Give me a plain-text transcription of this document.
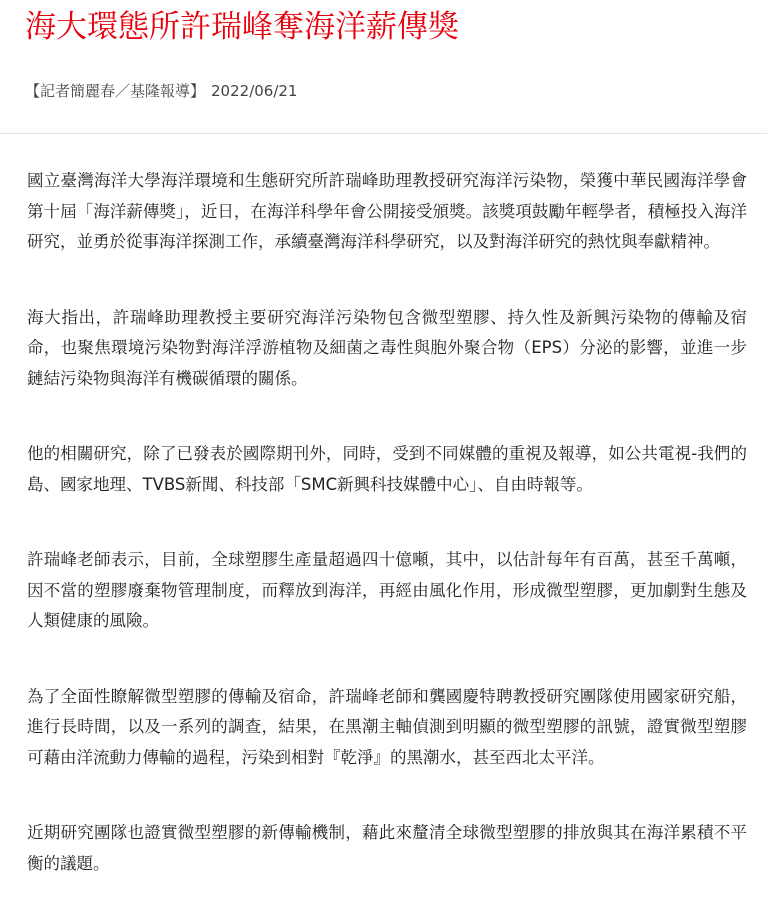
海大環態所許瑞峰奪海洋薪傳獎
【記者簡麗春／基隆報導】 2022/06/21

國立臺灣海洋大學海洋環境和生態研究所許瑞峰助理教授研究海洋污染物，榮獲中華民國海洋學會第十屆「海洋薪傳獎」，近日，在海洋科學年會公開接受頒獎。該獎項鼓勵年輕學者，積極投入海洋研究，並勇於從事海洋探測工作，承續臺灣海洋科學研究，以及對海洋研究的熱忱與奉獻精神。

海大指出，許瑞峰助理教授主要研究海洋污染物包含微型塑膠、持久性及新興污染物的傳輸及宿命，也聚焦環境污染物對海洋浮游植物及細菌之毒性與胞外聚合物（EPS）分泌的影響，並進一步鏈結污染物與海洋有機碳循環的關係。

他的相關研究，除了已發表於國際期刊外，同時，受到不同媒體的重視及報導，如公共電視-我們的島、國家地理、TVBS新聞、科技部「SMC新興科技媒體中心」、自由時報等。

許瑞峰老師表示，目前，全球塑膠生產量超過四十億噸，其中，以估計每年有百萬，甚至千萬噸，因不當的塑膠廢棄物管理制度，而釋放到海洋，再經由風化作用，形成微型塑膠，更加劇對生態及人類健康的風險。

為了全面性瞭解微型塑膠的傳輸及宿命，許瑞峰老師和龔國慶特聘教授研究團隊使用國家研究船，進行長時間，以及一系列的調查，結果，在黑潮主軸偵測到明顯的微型塑膠的訊號，證實微型塑膠可藉由洋流動力傳輸的過程，污染到相對『乾淨』的黑潮水，甚至西北太平洋。

近期研究團隊也證實微型塑膠的新傳輸機制，藉此來釐清全球微型塑膠的排放與其在海洋累積不平衡的議題。
